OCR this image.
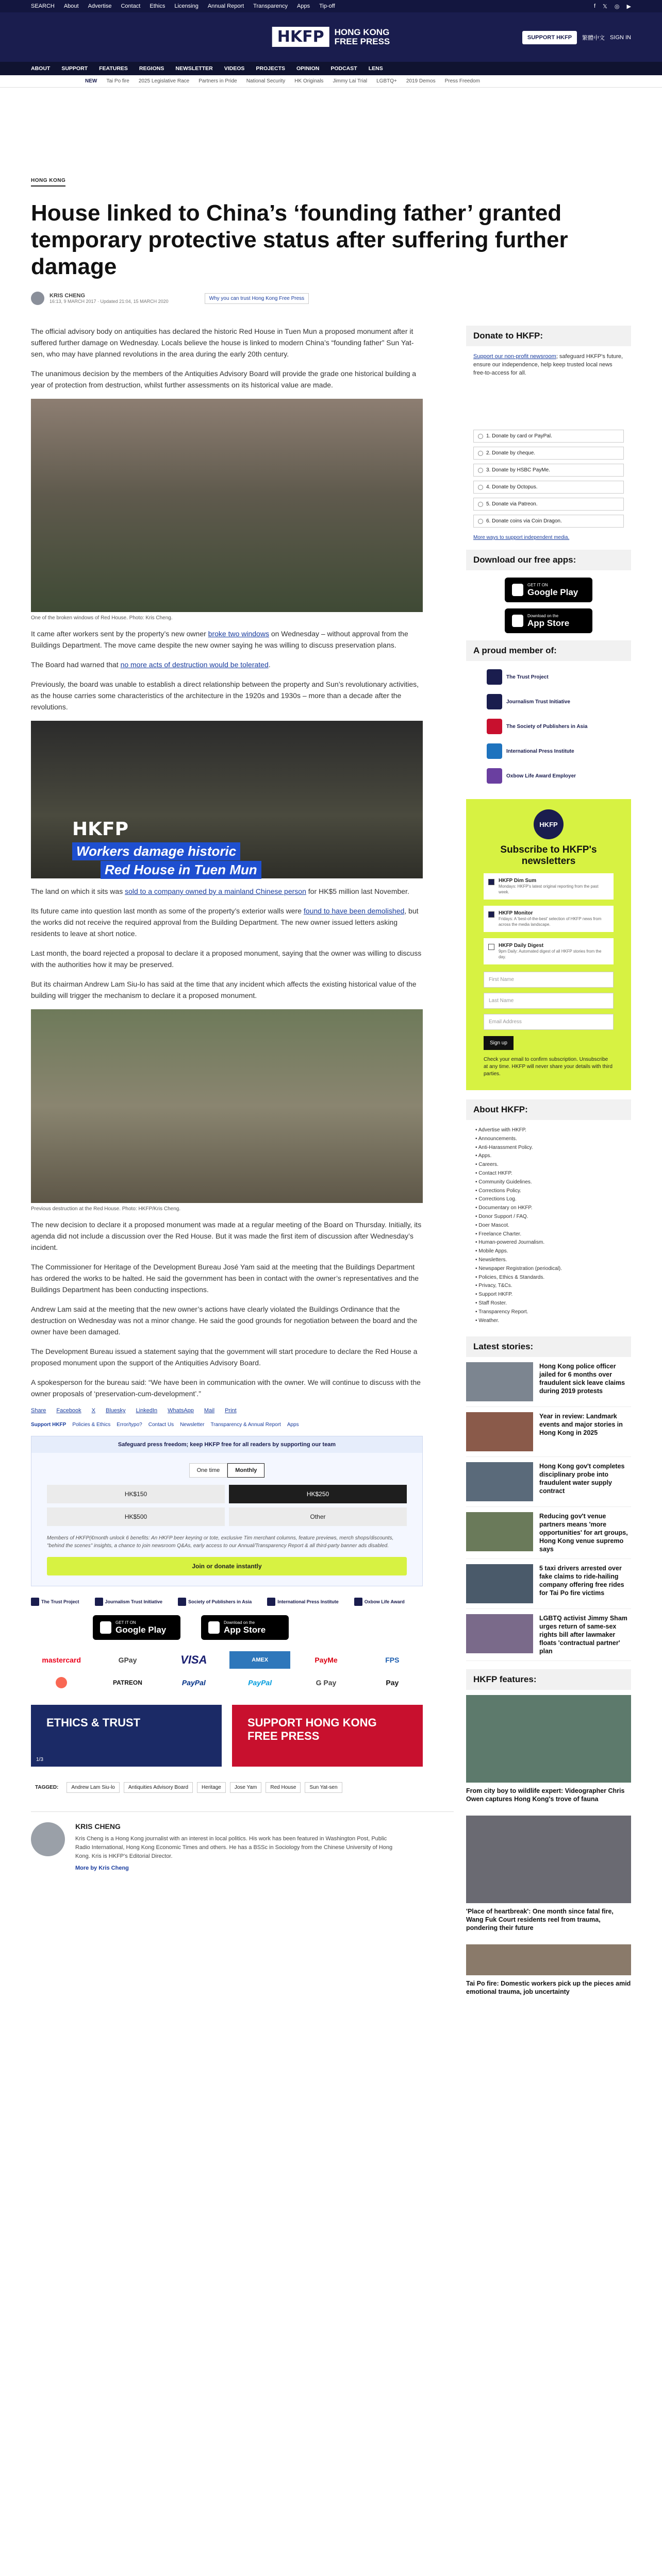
SEARCH About Advertise Contact Ethics Licensing Annual Report Transparency Apps Tip-off	f 𝕏 ◎ ▶
HKFP	HONG KONG
FREE PRESS	SUPPORT HKFP	繁體中文 SIGN IN
ABOUT SUPPORT FEATURES REGIONS NEWSLETTER VIDEOS PROJECTS OPINION PODCAST LENS
NEW Tai Po fire 2025 Legislative Race Partners in Pride National Security HK Originals Jimmy Lai Trial LGBTQ+ 2019 Demos Press Freedom
HONG KONG
House linked to China’s ‘founding father’ granted temporary protective status after suffering further damage
KRIS CHENG
16:13, 9 MARCH 2017 · Updated 21:04, 15 MARCH 2020
Why you can trust Hong Kong Free Press

The official advisory body on antiquities has declared the historic Red House in Tuen Mun a proposed monument after it suffered further damage on Wednesday. Locals believe the house is linked to modern China’s “founding father” Sun Yat-sen, who may have planned revolutions in the area during the early 20th century.

The unanimous decision by the members of the Antiquities Advisory Board will provide the grade one historical building a year of protection from destruction, whilst further assessments on its historical value are made.

One of the broken windows of Red House. Photo: Kris Cheng.

It came after workers sent by the property’s new owner broke two windows on Wednesday – without approval from the Buildings Department. The move came despite the new owner saying he was willing to discuss preservation plans.

The Board had warned that no more acts of destruction would be tolerated.

Previously, the board was unable to establish a direct relationship between the property and Sun’s revolutionary activities, as the house carries some characteristics of the architecture in the 1920s and 1930s – more than a decade after the revolutions.

HKFP
Workers damage historic
Red House in Tuen Mun

The land on which it sits was sold to a company owned by a mainland Chinese person for HK$5 million last November.

Its future came into question last month as some of the property’s exterior walls were found to have been demolished, but the works did not receive the required approval from the Building Department. The new owner issued letters asking residents to leave at short notice.

Last month, the board rejected a proposal to declare it a proposed monument, saying that the owner was willing to discuss with the authorities how it may be preserved.

But its chairman Andrew Lam Siu-lo has said at the time that any incident which affects the existing historical value of the building will trigger the mechanism to declare it a proposed monument.

Previous destruction at the Red House. Photo: HKFP/Kris Cheng.

The new decision to declare it a proposed monument was made at a regular meeting of the Board on Thursday. Initially, its agenda did not include a discussion over the Red House. But it was made the first item of discussion after Wednesday’s incident.

The Commissioner for Heritage of the Development Bureau José Yam said at the meeting that the Buildings Department has ordered the works to be halted. He said the government has been in contact with the owner’s representatives and the Buildings Department has been conducting inspections.

Andrew Lam said at the meeting that the new owner’s actions have clearly violated the Buildings Ordinance that the destruction on Wednesday was not a minor change. He said the good grounds for negotiation between the board and the owner have been damaged.

The Development Bureau issued a statement saying that the government will start procedure to declare the Red House a proposed monument upon the support of the Antiquities Advisory Board.

A spokesperson for the bureau said: “We have been in communication with the owner. We will continue to discuss with the owner proposals of ‘preservation-cum-development’.”

Share Facebook X Bluesky LinkedIn WhatsApp Mail Print
Support HKFP Policies & Ethics Error/typo? Contact Us Newsletter Transparency & Annual Report Apps
Safeguard press freedom; keep HKFP free for all readers by supporting our team
One time	Monthly
HK$150	HK$250
HK$500	Other
Members of HKFP(€month unlock 6 benefits: An HKFP beer keyring or tote, exclusive Tim merchant columns, feature previews, merch shops/discounts, "behind the scenes" insights, a chance to join newsroom Q&As, early access to our Annual/Transparency Report & all third-party banner ads disabled.
Join or donate instantly
The Trust Project	Journalism Trust Initiative	Society of Publishers in Asia	International Press Institute	Oxbow Life Award
GET IT ON
Google Play
Download on the
App Store
mastercard	GPay	VISA	AMEX	PayMe	FPS
PATREON	PayPal	PayPal	G Pay	Pay
ETHICS & TRUST
1/3
SUPPORT HONG KONG FREE PRESS
TAGGED:	Andrew Lam Siu-lo	Antiquities Advisory Board	Heritage	Jose Yam	Red House	Sun Yat-sen
KRIS CHENG

Kris Cheng is a Hong Kong journalist with an interest in local politics. His work has been featured in Washington Post, Public Radio International, Hong Kong Economic Times and others. He has a BSSc in Sociology from the Chinese University of Hong Kong. Kris is HKFP's Editorial Director.

More by Kris Cheng
Donate to HKFP:

Support our non-profit newsroom; safeguard HKFP's future, ensure our independence, help keep trusted local news free-to-access for all.

1. Donate by card or PayPal.
2. Donate by cheque.
3. Donate by HSBC PayMe.
4. Donate by Octopus.
5. Donate via Patreon.
6. Donate coins via Coin Dragon.
More ways to support independent media.
Download our free apps:
GET IT ON
Google Play
Download on the
App Store
A proud member of:
The Trust Project
Journalism Trust Initiative
The Society of Publishers in Asia
International Press Institute
Oxbow Life Award Employer
HKFP
Subscribe to HKFP's newsletters
HKFP Dim Sum
Mondays: HKFP's latest original reporting from the past week.
HKFP Monitor
Fridays: A 'best-of-the-best' selection of HKFP news from across the media landscape.
HKFP Daily Digest
9pm Daily: Automated digest of all HKFP stories from the day.
First Name
Last Name
Email Address
Sign up
Check your email to confirm subscription. Unsubscribe at any time. HKFP will never share your details with third parties.
About HKFP:
• Advertise with HKFP.
• Announcements.
• Anti-Harassment Policy.
• Apps.
• Careers.
• Contact HKFP.
• Community Guidelines.
• Corrections Policy.
• Corrections Log.
• Documentary on HKFP.
• Donor Support / FAQ.
• Doer Mascot.
• Freelance Charter.
• Human-powered Journalism.
• Mobile Apps.
• Newsletters.
• Newspaper Registration (periodical).
• Policies, Ethics & Standards.
• Privacy, T&Cs.
• Support HKFP.
• Staff Roster.
• Transparency Report.
• Weather.
Latest stories:
Hong Kong police officer jailed for 6 months over fraudulent sick leave claims during 2019 protests
Year in review: Landmark events and major stories in Hong Kong in 2025
Hong Kong gov't completes disciplinary probe into fraudulent water supply contract
Reducing gov't venue partners means 'more opportunities' for art groups, Hong Kong venue supremo says
5 taxi drivers arrested over fake claims to ride-hailing company offering free rides for Tai Po fire victims
LGBTQ activist Jimmy Sham urges return of same-sex rights bill after lawmaker floats 'contractual partner' plan
HKFP features:
From city boy to wildlife expert: Videographer Chris Owen captures Hong Kong's trove of fauna
'Place of heartbreak': One month since fatal fire, Wang Fuk Court residents reel from trauma, pondering their future
Tai Po fire: Domestic workers pick up the pieces amid emotional trauma, job uncertainty
